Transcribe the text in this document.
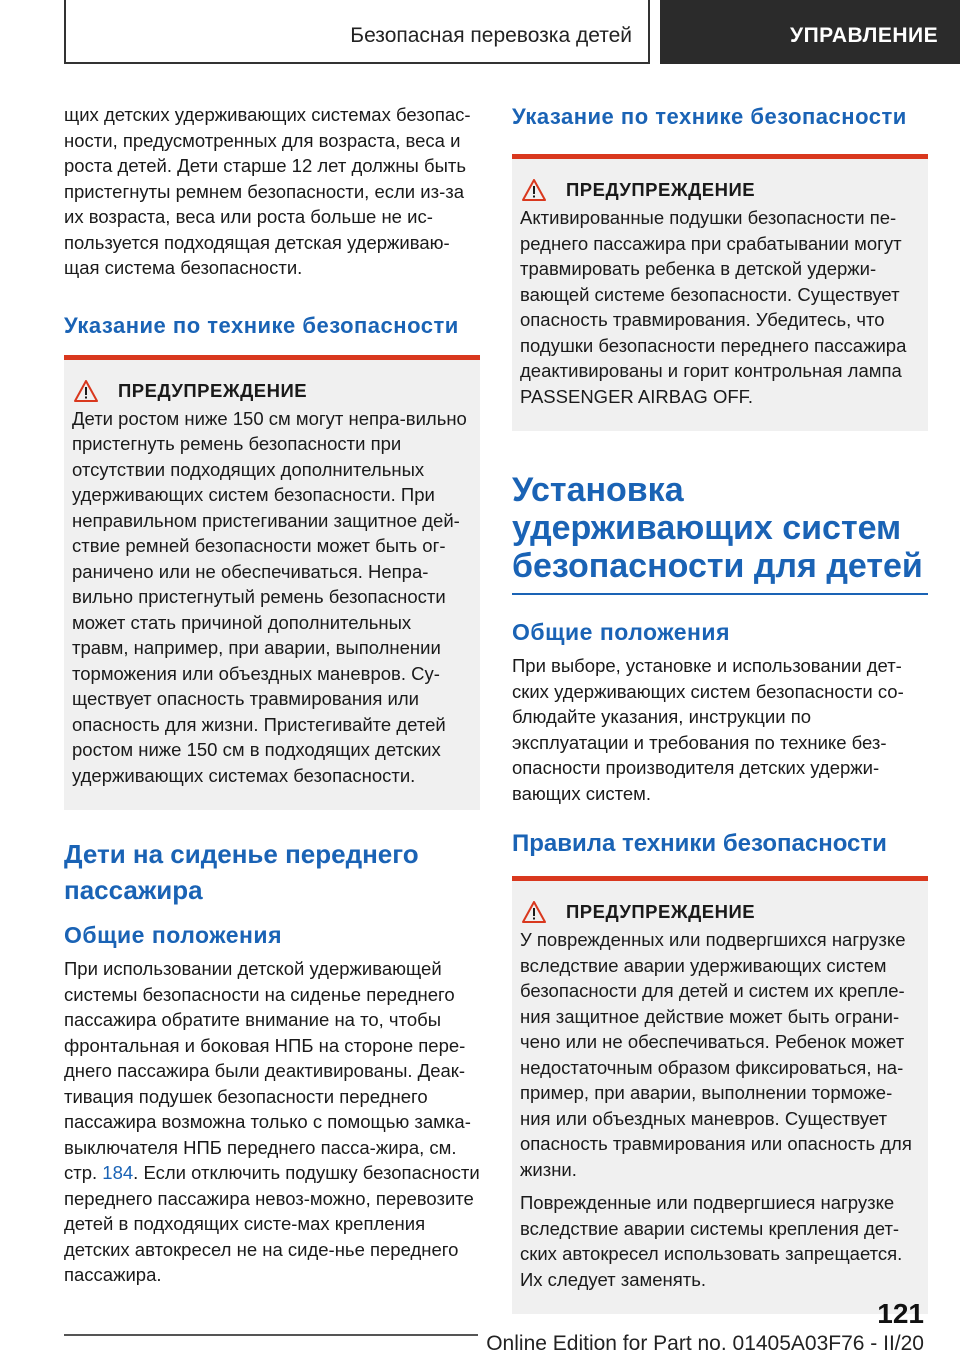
Безопасная перевозка детей	УПРАВЛЕНИЕ

щих детских удерживающих системах безопас-ности, предусмотренных для возраста, веса и роста детей. Дети старше 12 лет должны быть пристегнуты ремнем безопасности, если из-за их возраста, веса или роста больше не ис-пользуется подходящая детская удерживаю-щая система безопасности.

Указание по технике безопасности
ПРЕДУПРЕЖДЕНИЕ
Дети ростом ниже 150 см могут непра-вильно пристегнуть ремень безопасности при отсутствии подходящих дополнительных удерживающих систем безопасности. При неправильном пристегивании защитное дей-ствие ремней безопасности может быть ог-раничено или не обеспечиваться. Непра-вильно пристегнутый ремень безопасности может стать причиной дополнительных травм, например, при аварии, выполнении торможения или объездных маневров. Су-ществует опасность травмирования или опасность для жизни. Пристегивайте детей ростом ниже 150 см в подходящих детских удерживающих системах безопасности.
Дети на сиденье переднего пассажира
Общие положения

При использовании детской удерживающей системы безопасности на сиденье переднего пассажира обратите внимание на то, чтобы фронтальная и боковая НПБ на стороне пере-днего пассажира были деактивированы. Деак-тивация подушек безопасности переднего пассажира возможна только с помощью замка-выключателя НПБ переднего пасса-жира, см. стр. 184. Если отключить подушку безопасности переднего пассажира невоз-можно, перевозите детей в подходящих систе-мах крепления детских автокресел не на сиде-нье переднего пассажира.

Указание по технике безопасности
ПРЕДУПРЕЖДЕНИЕ
Активированные подушки безопасности пе-реднего пассажира при срабатывании могут травмировать ребенка в детской удержи-вающей системе безопасности. Существует опасность травмирования. Убедитесь, что подушки безопасности переднего пассажира деактивированы и горит контрольная лампа PASSENGER AIRBAG OFF.
Установка удерживающих систем безопасности для детей
Общие положения

При выборе, установке и использовании дет-ских удерживающих систем безопасности со-блюдайте указания, инструкции по эксплуатации и требования по технике без-опасности производителя детских удержи-вающих систем.

Правила техники безопасности
ПРЕДУПРЕЖДЕНИЕ
У поврежденных или подвергшихся нагрузке вследствие аварии удерживающих систем безопасности для детей и систем их крепле-ния защитное действие может быть ограни-чено или не обеспечиваться. Ребенок может недостаточным образом фиксироваться, на-пример, при аварии, выполнении торможе-ния или объездных маневров. Существует опасность травмирования или опасность для жизни.
Поврежденные или подвергшиеся нагрузке вследствие аварии системы крепления дет-ских автокресел использовать запрещается. Их следует заменять.
121
Online Edition for Part no. 01405A03F76 - II/20
